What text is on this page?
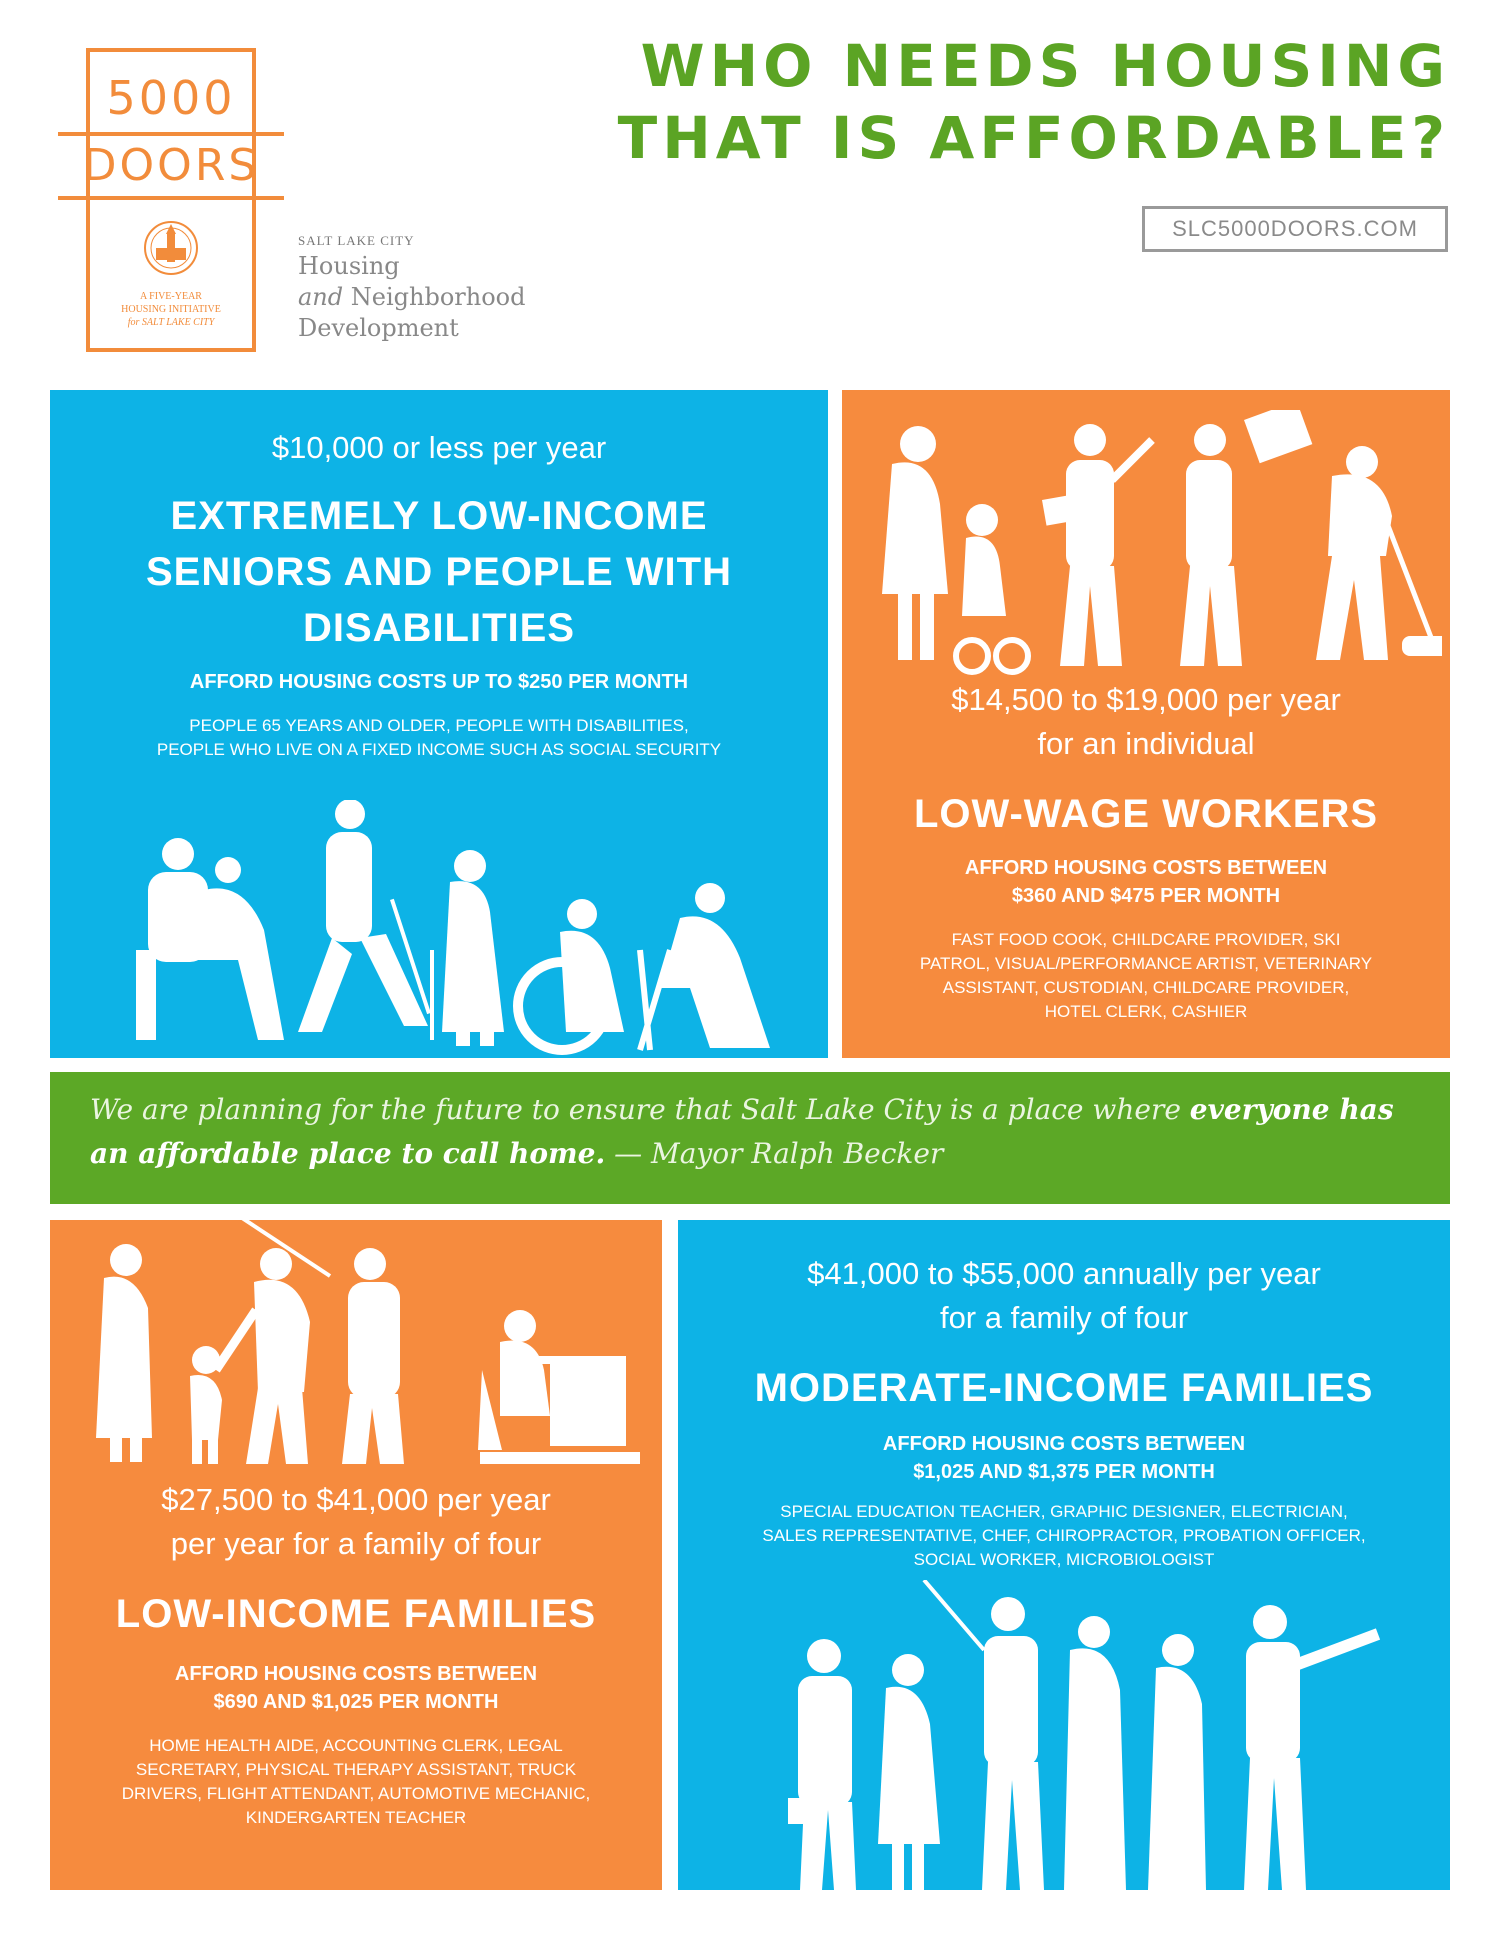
5000
DOORS
A FIVE-YEAR
HOUSING INITIATIVE
for SALT LAKE CITY
SALT LAKE CITY
Housing
and Neighborhood
Development
WHO NEEDS HOUSING
THAT IS AFFORDABLE?
SLC5000DOORS.COM
$10,000 or less per year
EXTREMELY LOW-INCOME
SENIORS AND PEOPLE WITH
DISABILITIES
AFFORD HOUSING COSTS UP TO $250 PER MONTH
PEOPLE 65 YEARS AND OLDER, PEOPLE WITH DISABILITIES,
PEOPLE WHO LIVE ON A FIXED INCOME SUCH AS SOCIAL SECURITY
$14,500 to $19,000 per year
for an individual
LOW-WAGE WORKERS
AFFORD HOUSING COSTS BETWEEN
$360 AND $475 PER MONTH
FAST FOOD COOK, CHILDCARE PROVIDER, SKI
PATROL, VISUAL/PERFORMANCE ARTIST, VETERINARY
ASSISTANT, CUSTODIAN, CHILDCARE PROVIDER,
HOTEL CLERK, CASHIER
We are planning for the future to ensure that Salt Lake City is a place where everyone has an affordable place to call home. — Mayor Ralph Becker
$27,500 to $41,000 per year
per year for a family of four
LOW-INCOME FAMILIES
AFFORD HOUSING COSTS BETWEEN
$690 AND $1,025 PER MONTH
HOME HEALTH AIDE, ACCOUNTING CLERK, LEGAL
SECRETARY, PHYSICAL THERAPY ASSISTANT, TRUCK
DRIVERS, FLIGHT ATTENDANT, AUTOMOTIVE MECHANIC,
KINDERGARTEN TEACHER
$41,000 to $55,000 annually per year
for a family of four
MODERATE-INCOME FAMILIES
AFFORD HOUSING COSTS BETWEEN
$1,025 AND $1,375 PER MONTH
SPECIAL EDUCATION TEACHER, GRAPHIC DESIGNER, ELECTRICIAN,
SALES REPRESENTATIVE, CHEF, CHIROPRACTOR, PROBATION OFFICER,
SOCIAL WORKER, MICROBIOLOGIST
